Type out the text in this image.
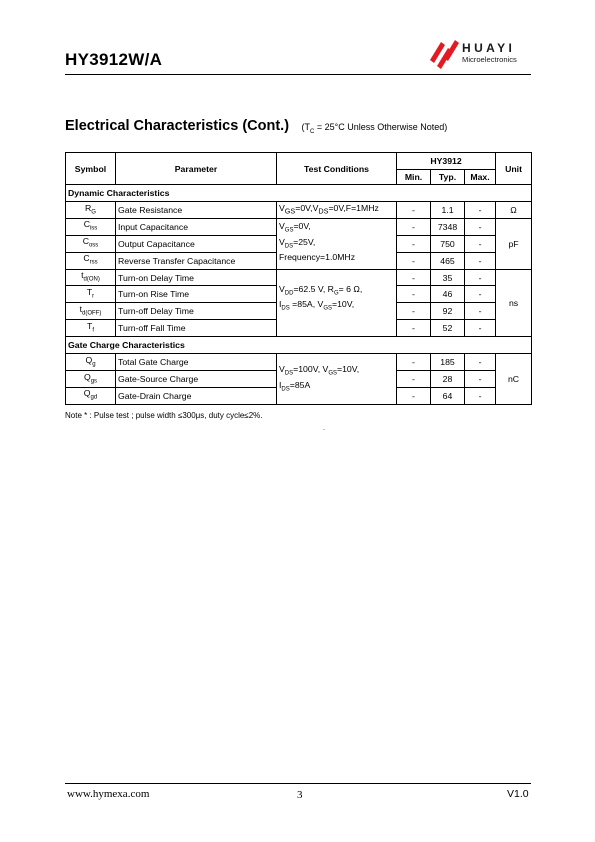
HY3912W/A
HUAYI
Microelectronics
Electrical Characteristics (Cont.) ($T_C = 25^\circ C$ Unless Otherwise Noted)
Symbol	Parameter	Test Conditions	HY3912			Unit
			Min.	Typ.	Max.	
Dynamic Characteristics						
$R_G$	Gate Resistance	$V_{GS}=0V,V_{DS}=0V,F=1MHz$	-	1.1	-	Ω
$C_{iss}$	Input Capacitance	$V_{GS}=0V$,
$V_{DS}=25V$,
Frequency=1.0MHz	-	7348	-	pF
$C_{oss}$	Output Capacitance		-	750	-	
$C_{rss}$	Reverse Transfer Capacitance		-	465	-	
$t_{d(ON)}$	Turn-on Delay Time	$V_{DD}=62.5$ V, $R_G= 6$ Ω,
$I_{DS} =85A$, $V_{GS}=10V$,	-	35	-	ns
$T_r$	Turn-on Rise Time		-	46	-	
$t_{d(OFF)}$	Turn-off Delay Time		-	92	-	
$T_f$	Turn-off Fall Time		-	52	-	
Gate Charge Characteristics						
$Q_g$	Total Gate Charge	$V_{DS}=100V$, $V_{GS}=10V$,
$I_{DS}=85A$	-	185	-	nC
$Q_{gs}$	Gate-Source Charge		-	28	-	
$Q_{gd}$	Gate-Drain Charge		-	64	-	
Note * : Pulse test ; pulse width ≤300μs, duty cycle≤2%.
.
www.hymexa.com	3	V1.0
